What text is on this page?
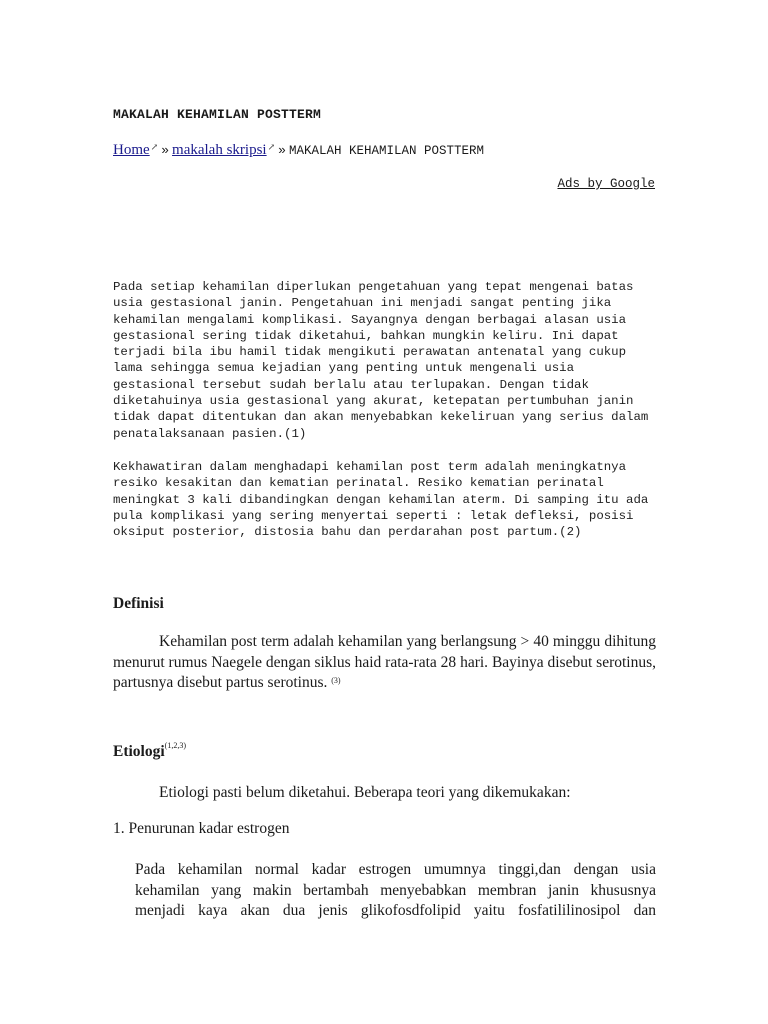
MAKALAH KEHAMILAN POSTTERM
Home↗ » makalah skripsi↗ » MAKALAH KEHAMILAN POSTTERM
Ads by Google

Pada setiap kehamilan diperlukan pengetahuan yang tepat mengenai batas
usia gestasional janin. Pengetahuan ini menjadi sangat penting jika
kehamilan mengalami komplikasi. Sayangnya dengan berbagai alasan usia
gestasional sering tidak diketahui, bahkan mungkin keliru. Ini dapat
terjadi bila ibu hamil tidak mengikuti perawatan antenatal yang cukup
lama sehingga semua kejadian yang penting untuk mengenali usia
gestasional tersebut sudah berlalu atau terlupakan. Dengan tidak
diketahuinya usia gestasional yang akurat, ketepatan pertumbuhan janin
tidak dapat ditentukan dan akan menyebabkan kekeliruan yang serius dalam
penatalaksanaan pasien.(1)

Kekhawatiran dalam menghadapi kehamilan post term adalah meningkatnya
resiko kesakitan dan kematian perinatal. Resiko kematian perinatal
meningkat 3 kali dibandingkan dengan kehamilan aterm. Di samping itu ada
pula komplikasi yang sering menyertai seperti : letak defleksi, posisi
oksiput posterior, distosia bahu dan perdarahan post partum.(2)

Definisi

Kehamilan post term adalah kehamilan yang berlangsung > 40 minggu dihitung menurut rumus Naegele dengan siklus haid rata-rata 28 hari. Bayinya disebut serotinus, partusnya disebut partus serotinus. $^{(3)}$

Etiologi$^{(1,2,3)}$

Etiologi pasti belum diketahui. Beberapa teori yang dikemukakan:

1. Penurunan kadar estrogen

Pada kehamilan normal kadar estrogen umumnya tinggi,dan dengan usia
kehamilan yang makin bertambah menyebabkan membran janin khususnya
menjadi kaya akan dua jenis glikofosdfolipid yaitu fosfatililinosipol dan
